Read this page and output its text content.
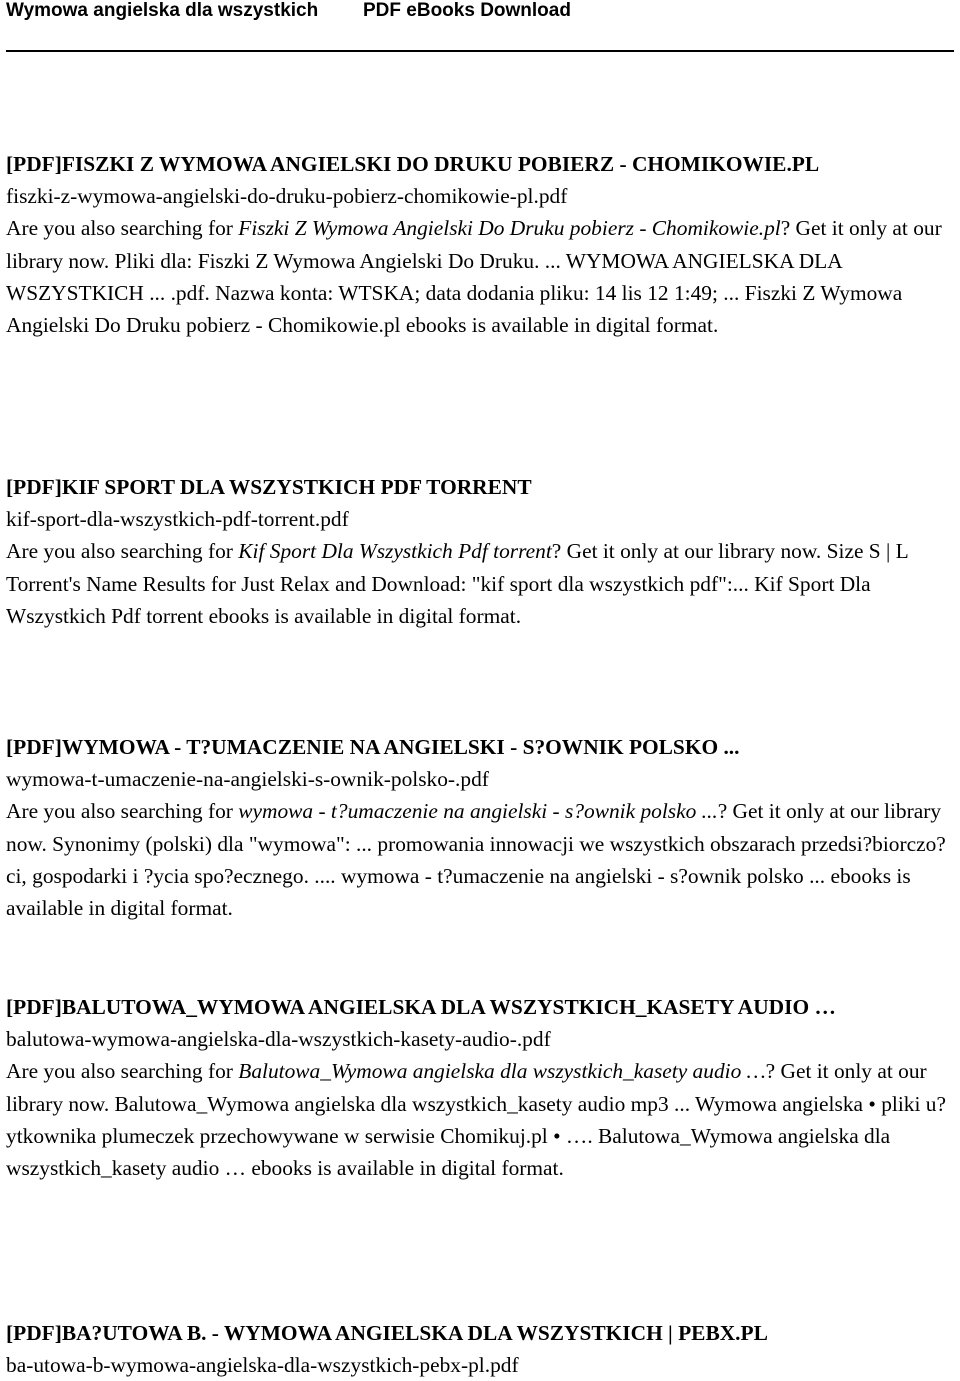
Wymowa angielska dla wszystkich PDF eBooks Download

[PDF]FISZKI Z WYMOWA ANGIELSKI DO DRUKU POBIERZ - CHOMIKOWIE.PL

fiszki-z-wymowa-angielski-do-druku-pobierz-chomikowie-pl.pdf

Are you also searching for Fiszki Z Wymowa Angielski Do Druku pobierz - Chomikowie.pl? Get it only at our library now. Pliki dla: Fiszki Z Wymowa Angielski Do Druku. ... WYMOWA ANGIELSKA DLA WSZYSTKICH ... .pdf. Nazwa konta: WTSKA; data dodania pliku: 14 lis 12 1:49; ... Fiszki Z Wymowa Angielski Do Druku pobierz - Chomikowie.pl ebooks is available in digital format.

[PDF]KIF SPORT DLA WSZYSTKICH PDF TORRENT

kif-sport-dla-wszystkich-pdf-torrent.pdf

Are you also searching for Kif Sport Dla Wszystkich Pdf torrent? Get it only at our library now. Size S | L Torrent's Name Results for Just Relax and Download: "kif sport dla wszystkich pdf":... Kif Sport Dla Wszystkich Pdf torrent ebooks is available in digital format.

[PDF]WYMOWA - T?UMACZENIE NA ANGIELSKI - S?OWNIK POLSKO ...

wymowa-t-umaczenie-na-angielski-s-ownik-polsko-.pdf

Are you also searching for wymowa - t?umaczenie na angielski - s?ownik polsko ...? Get it only at our library now. Synonimy (polski) dla "wymowa": ... promowania innowacji we wszystkich obszarach przedsi?biorczo?ci, gospodarki i ?ycia spo?ecznego. .... wymowa - t?umaczenie na angielski - s?ownik polsko ... ebooks is available in digital format.

[PDF]BALUTOWA_WYMOWA ANGIELSKA DLA WSZYSTKICH_KASETY AUDIO …

balutowa-wymowa-angielska-dla-wszystkich-kasety-audio-.pdf

Are you also searching for Balutowa_Wymowa angielska dla wszystkich_kasety audio …? Get it only at our library now. Balutowa_Wymowa angielska dla wszystkich_kasety audio mp3 ... Wymowa angielska • pliki u?ytkownika plumeczek przechowywane w serwisie Chomikuj.pl • …. Balutowa_Wymowa angielska dla wszystkich_kasety audio … ebooks is available in digital format.

[PDF]BA?UTOWA B. - WYMOWA ANGIELSKA DLA WSZYSTKICH | PEBX.PL

ba-utowa-b-wymowa-angielska-dla-wszystkich-pebx-pl.pdf
